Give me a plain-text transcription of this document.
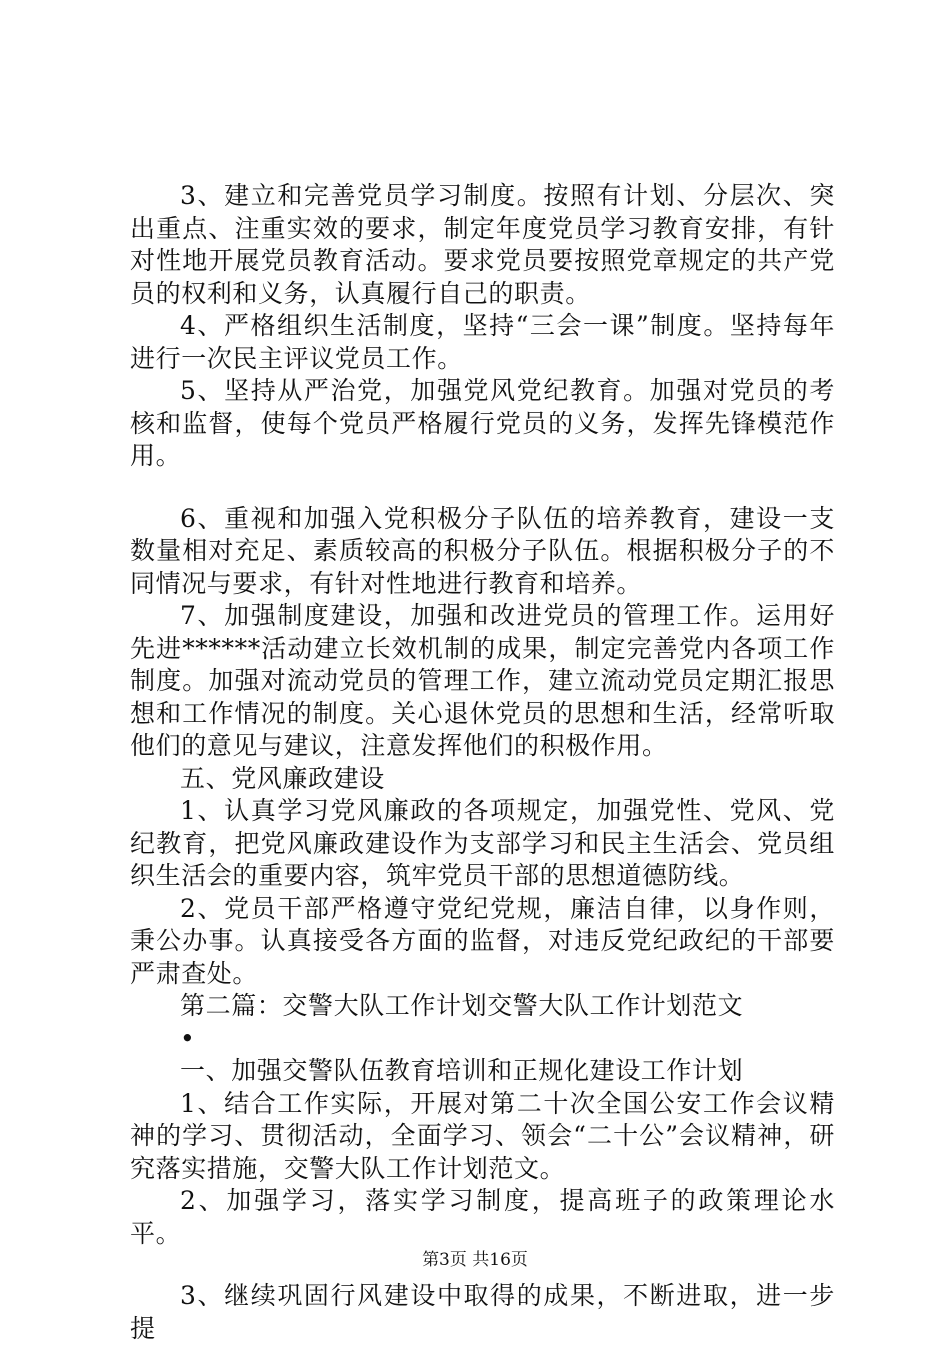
3、建立和完善党员学习制度。按照有计划、分层次、突出重点、注重实效的要求，制定年度党员学习教育安排，有针对性地开展党员教育活动。要求党员要按照党章规定的共产党员的权利和义务，认真履行自己的职责。

4、严格组织生活制度，坚持“三会一课”制度。坚持每年进行一次民主评议党员工作。

5、坚持从严治党，加强党风党纪教育。加强对党员的考核和监督，使每个党员严格履行党员的义务，发挥先锋模范作用。

6、重视和加强入党积极分子队伍的培养教育，建设一支数量相对充足、素质较高的积极分子队伍。根据积极分子的不同情况与要求，有针对性地进行教育和培养。

7、加强制度建设，加强和改进党员的管理工作。运用好先进******活动建立长效机制的成果，制定完善党内各项工作制度。加强对流动党员的管理工作，建立流动党员定期汇报思想和工作情况的制度。关心退休党员的思想和生活，经常听取他们的意见与建议，注意发挥他们的积极作用。

五、党风廉政建设

1、认真学习党风廉政的各项规定，加强党性、党风、党纪教育，把党风廉政建设作为支部学习和民主生活会、党员组织生活会的重要内容，筑牢党员干部的思想道德防线。

2、党员干部严格遵守党纪党规，廉洁自律，以身作则，秉公办事。认真接受各方面的监督，对违反党纪政纪的干部要严肃查处。

第二篇：交警大队工作计划交警大队工作计划范文

•

一、加强交警队伍教育培训和正规化建设工作计划

1、结合工作实际，开展对第二十次全国公安工作会议精神的学习、贯彻活动，全面学习、领会“二十公”会议精神，研究落实措施，交警大队工作计划范文。

2、加强学习，落实学习制度，提高班子的政策理论水平。

3、继续巩固行风建设中取得的成果，不断进取，进一步提

第3页 共16页
